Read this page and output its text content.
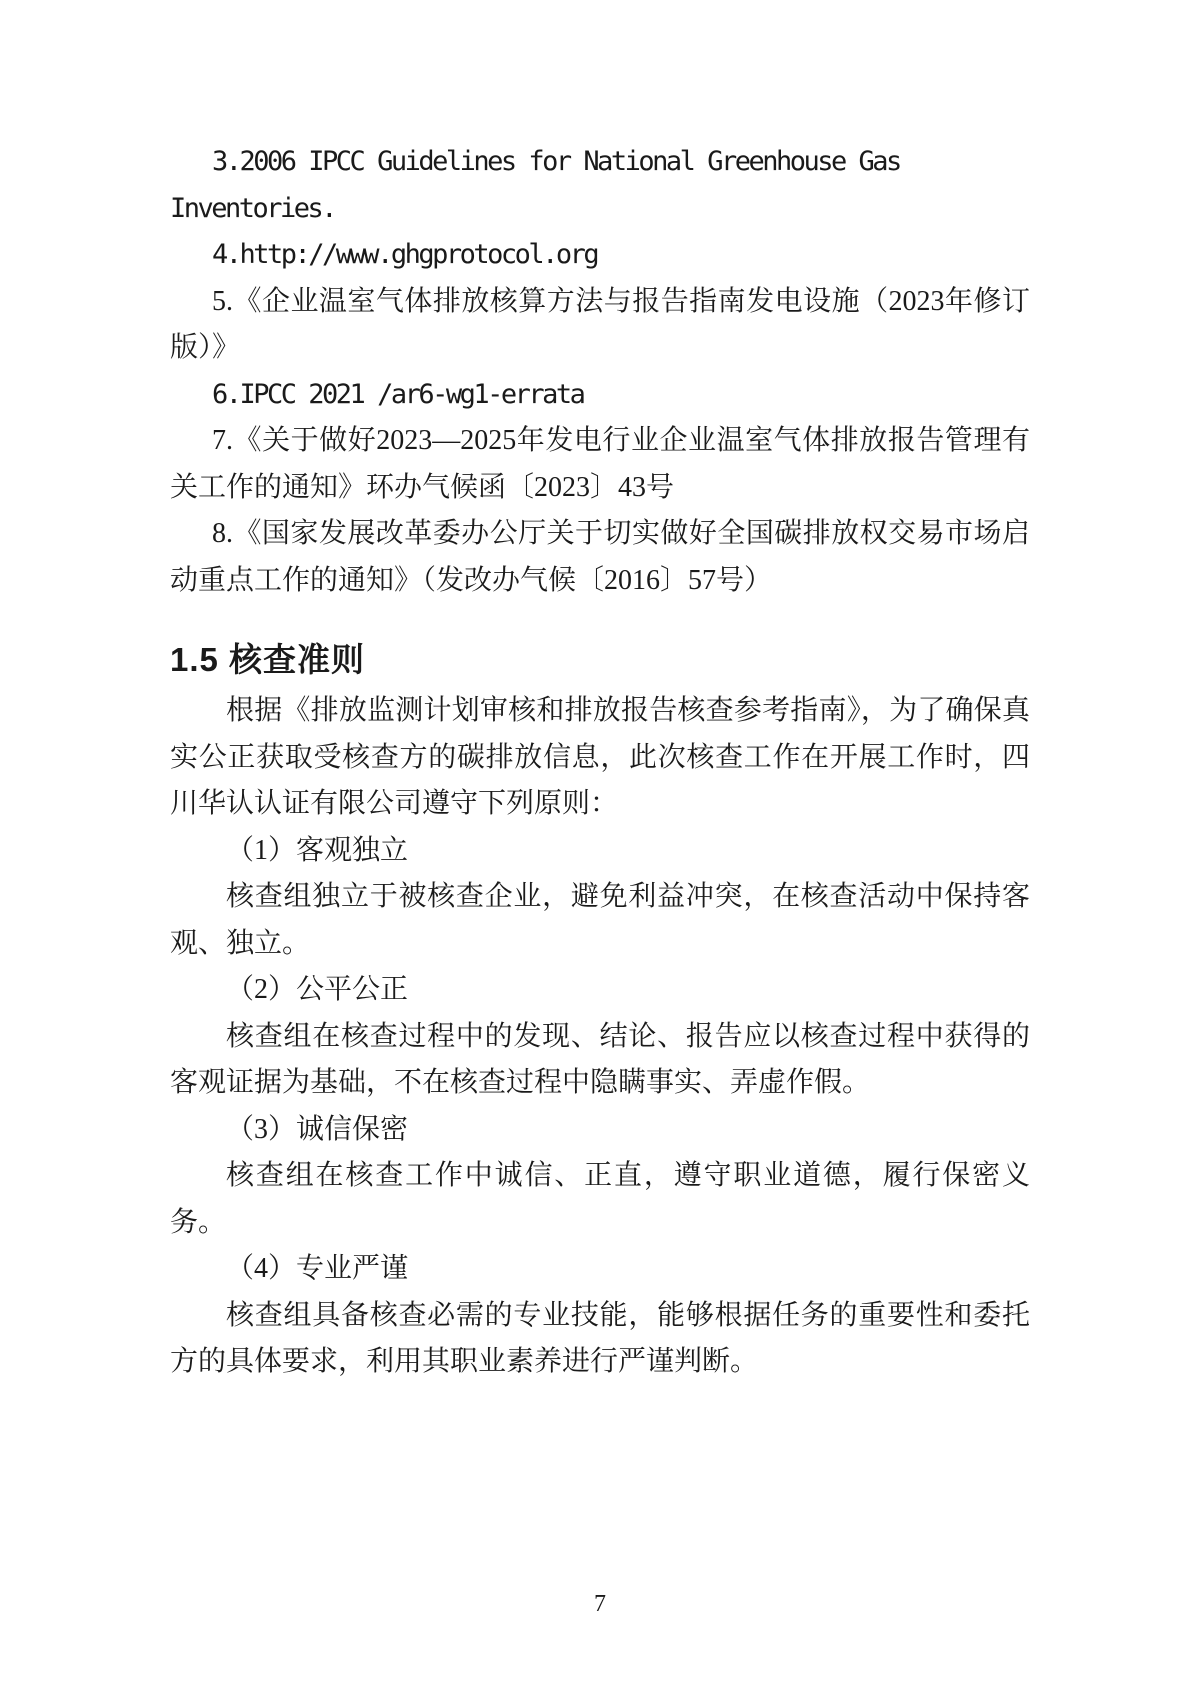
3.2006 IPCC Guidelines for National Greenhouse Gas Inventories.

4.http://www.ghgprotocol.org

5.《企业温室气体排放核算方法与报告指南发电设施（2023年修订版）》

6.IPCC 2021 /ar6-wg1-errata

7.《关于做好2023—2025年发电行业企业温室气体排放报告管理有关工作的通知》环办气候函〔2023〕43号

8.《国家发展改革委办公厅关于切实做好全国碳排放权交易市场启动重点工作的通知》（发改办气候〔2016〕57号）

1.5 核查准则

根据《排放监测计划审核和排放报告核查参考指南》，为了确保真实公正获取受核查方的碳排放信息，此次核查工作在开展工作时，四川华认认证有限公司遵守下列原则：

（1）客观独立

核查组独立于被核查企业，避免利益冲突，在核查活动中保持客观、独立。

（2）公平公正

核查组在核查过程中的发现、结论、报告应以核查过程中获得的客观证据为基础，不在核查过程中隐瞒事实、弄虚作假。

（3）诚信保密

核查组在核查工作中诚信、正直，遵守职业道德，履行保密义务。

（4）专业严谨

核查组具备核查必需的专业技能，能够根据任务的重要性和委托方的具体要求，利用其职业素养进行严谨判断。

7
